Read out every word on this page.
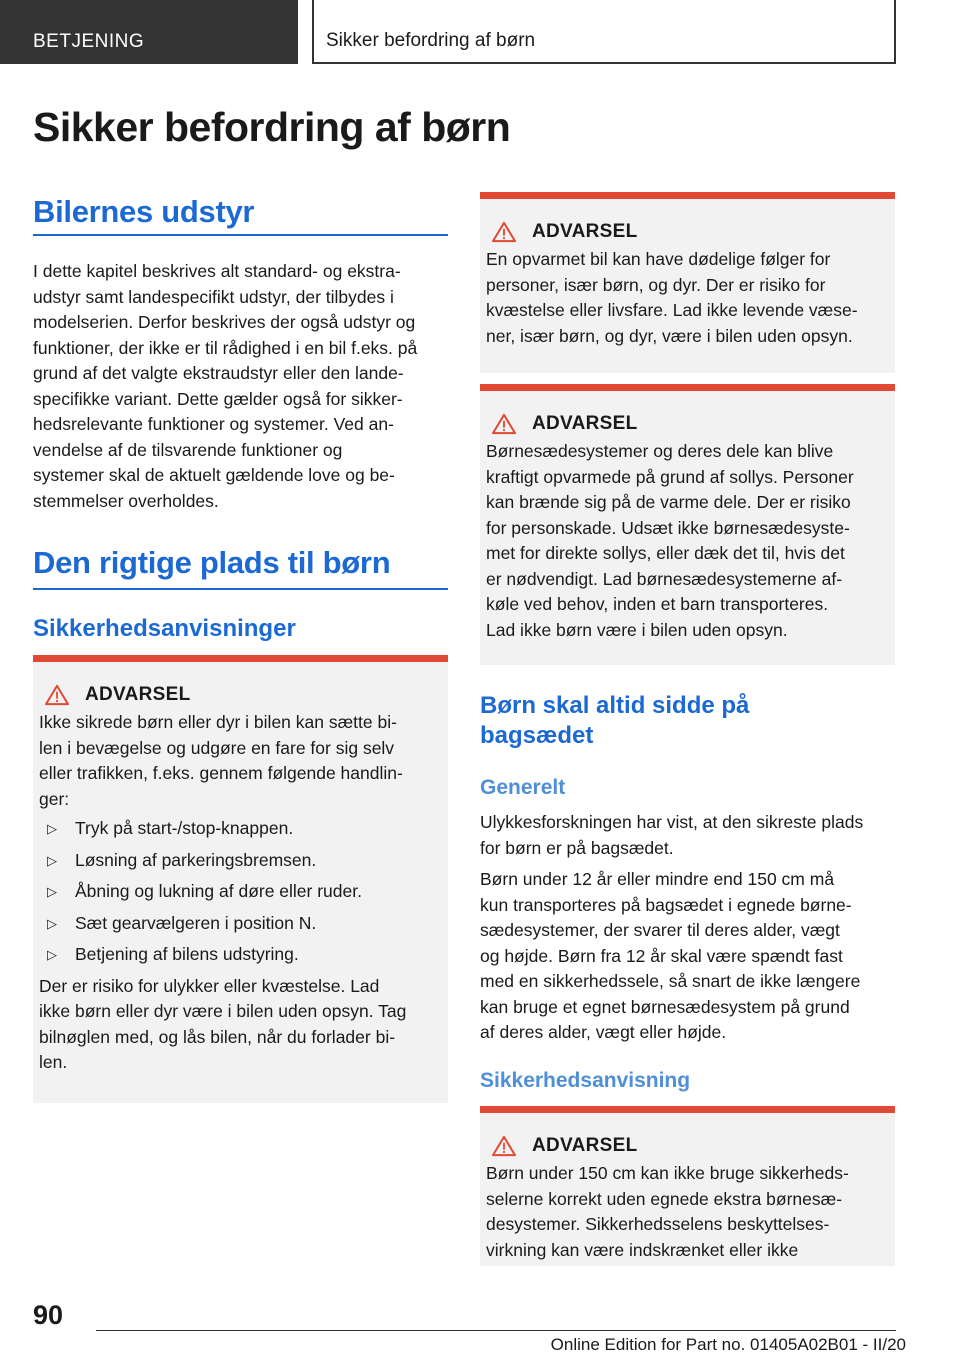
BETJENING	Sikker befordring af børn
Sikker befordring af børn
Bilernes udstyr

I dette kapitel beskrives alt standard- og ekstra-

udstyr samt landespecifikt udstyr, der tilbydes i

modelserien. Derfor beskrives der også udstyr og

funktioner, der ikke er til rådighed i en bil f.eks. på

grund af det valgte ekstraudstyr eller den lande-

specifikke variant. Dette gælder også for sikker-

hedsrelevante funktioner og systemer. Ved an-

vendelse af de tilsvarende funktioner og

systemer skal de aktuelt gældende love og be-

stemmelser overholdes.

Den rigtige plads til børn
Sikkerhedsanvisninger
ADVARSEL

Ikke sikrede børn eller dyr i bilen kan sætte bi-

len i bevægelse og udgøre en fare for sig selv

eller trafikken, f.eks. gennem følgende handlin-

ger:

▷	Tryk på start-/stop-knappen.
▷	Løsning af parkeringsbremsen.
▷	Åbning og lukning af døre eller ruder.
▷	Sæt gearvælgeren i position N.
▷	Betjening af bilens udstyring.

Der er risiko for ulykker eller kvæstelse. Lad

ikke børn eller dyr være i bilen uden opsyn. Tag

bilnøglen med, og lås bilen, når du forlader bi-

len.

ADVARSEL

En opvarmet bil kan have dødelige følger for

personer, især børn, og dyr. Der er risiko for

kvæstelse eller livsfare. Lad ikke levende væse-

ner, især børn, og dyr, være i bilen uden opsyn.

ADVARSEL

Børnesædesystemer og deres dele kan blive

kraftigt opvarmede på grund af sollys. Personer

kan brænde sig på de varme dele. Der er risiko

for personskade. Udsæt ikke børnesædesyste-

met for direkte sollys, eller dæk det til, hvis det

er nødvendigt. Lad børnesædesystemerne af-

køle ved behov, inden et barn transporteres.

Lad ikke børn være i bilen uden opsyn.

Børn skal altid sidde på
bagsædet
Generelt

Ulykkesforskningen har vist, at den sikreste plads

for børn er på bagsædet.

Børn under 12 år eller mindre end 150 cm må

kun transporteres på bagsædet i egnede børne-

sædesystemer, der svarer til deres alder, vægt

og højde. Børn fra 12 år skal være spændt fast

med en sikkerhedssele, så snart de ikke længere

kan bruge et egnet børnesædesystem på grund

af deres alder, vægt eller højde.

Sikkerhedsanvisning
ADVARSEL

Børn under 150 cm kan ikke bruge sikkerheds-

selerne korrekt uden egnede ekstra børnesæ-

desystemer. Sikkerhedsselens beskyttelses-

virkning kan være indskrænket eller ikke

90
Online Edition for Part no. 01405A02B01 - II/20
